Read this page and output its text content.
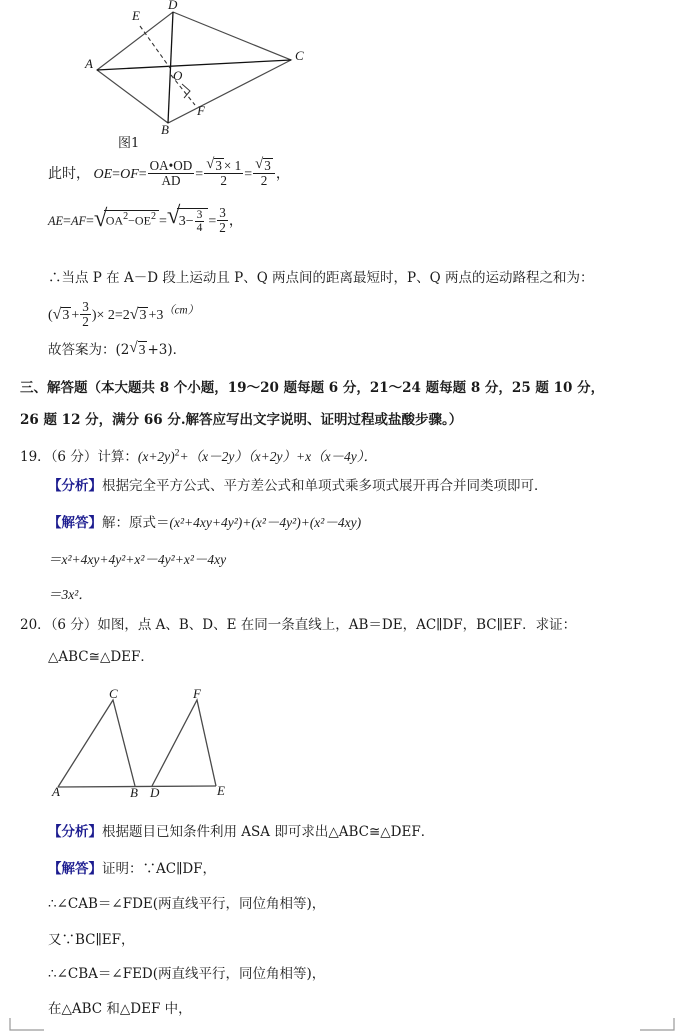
A
D
C
B
O
E
F
图1
此时， $OE=OF= \frac{OA•OD}{AD}$ = √ $\frac{3 \times 1}{2}$ = √ $\frac{3}{2}$ ，
AE=AF= √ $OA^2-OE^2$ = √ $3- \frac{3}{4} = \frac{3}{2}$ ，
∴当点 P 在 A－D 段上运动且 P、Q 两点间的距离最短时，P、Q 两点的运动路程之和为：
( √ $3 + \frac{3}{2}$ )× 2=2 √ $3 +3^{(cm)}$
故答案为：(2 √ 3 +3)．
三、解答题（本大题共 8 个小题，19～20 题每题 6 分，21～24 题每题 8 分，25 题 10 分，
26 题 12 分，满分 66 分.解答应写出文字说明、证明过程或盐酸步骤。）
19．（6 分）计算：$(x+2y)^2+(x-2y)(x+2y)+x(x-4y)$．
【分析】根据完全平方公式、平方差公式和单项式乘多项式展开再合并同类项即可．
【解答】解：原式＝(x²+4xy+4y²)+(x²－4y²)+(x²－4xy)
＝x²+4xy+4y²+x²－4y²+x²－4xy
＝3x²．
20．（6 分）如图，点 A、B、D、E 在同一条直线上，AB＝DE，AC∥DF，BC∥EF．求证：
△ABC≅△DEF．
A	B
C
D	E
F
【分析】根据题目已知条件利用 ASA 即可求出△ABC≅△DEF．
【解答】证明：∵AC∥DF，
∴∠CAB＝∠FDE(两直线平行，同位角相等)，
又∵BC∥EF，
∴∠CBA＝∠FED(两直线平行，同位角相等)，
在△ABC 和△DEF 中，
